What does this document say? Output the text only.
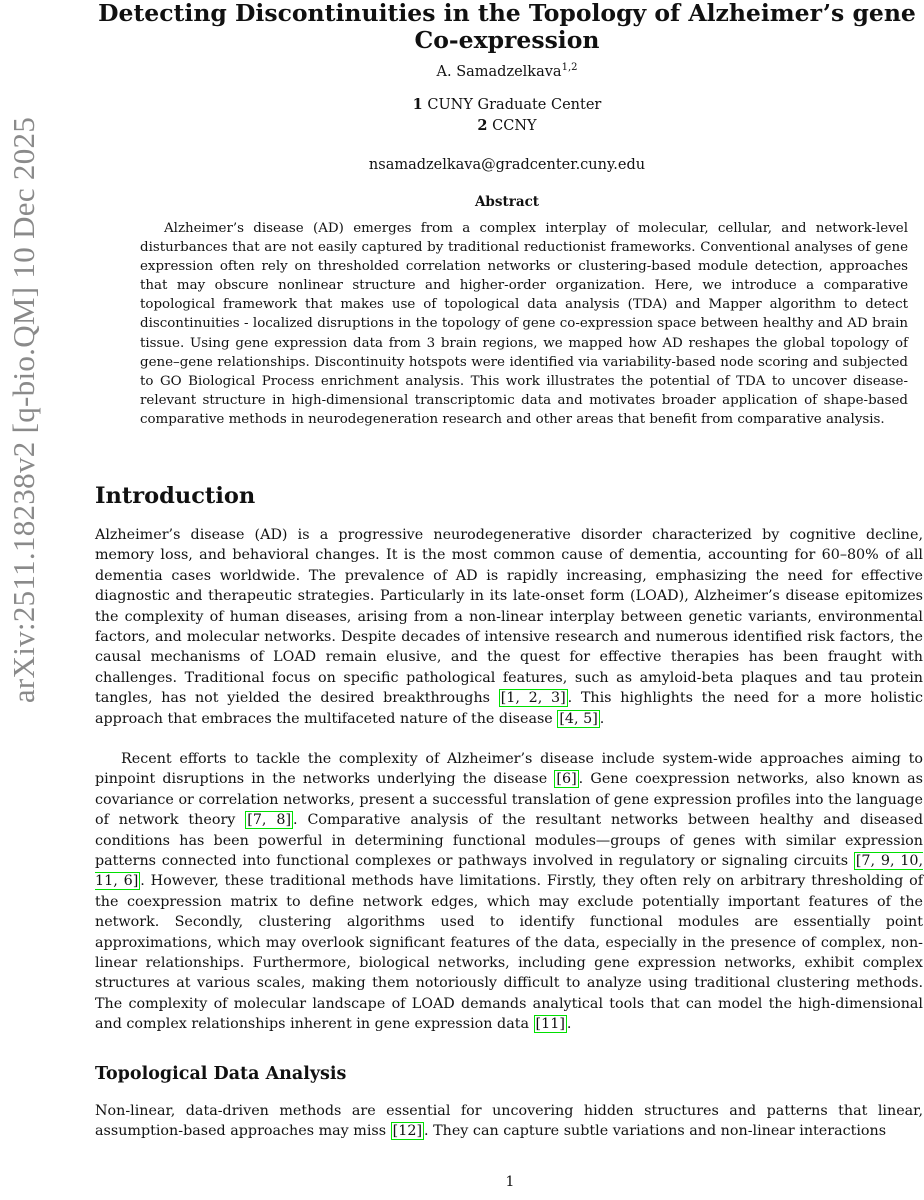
arXiv:2511.18238v2 [q-bio.QM] 10 Dec 2025
Detecting Discontinuities in the Topology of Alzheimer’s gene
Co-expression
A. Samadzelkava$^{1,2}$
1 CUNY Graduate Center
2 CCNY
nsamadzelkava@gradcenter.cuny.edu
Abstract

Alzheimer’s disease (AD) emerges from a complex interplay of molecular, cellular, and network-level disturbances that are not easily captured by traditional reductionist frameworks. Conventional analyses of gene expression often rely on thresholded correlation networks or clustering-based module detection, approaches that may obscure nonlinear structure and higher-order organization. Here, we introduce a comparative topological framework that makes use of topological data analysis (TDA) and Mapper algorithm to detect discontinuities - localized disruptions in the topology of gene co-expression space between healthy and AD brain tissue. Using gene expression data from 3 brain regions, we mapped how AD reshapes the global topology of gene–gene relationships. Discontinuity hotspots were identified via variability-based node scoring and subjected to GO Biological Process enrichment analysis. This work illustrates the potential of TDA to uncover disease-relevant structure in high-dimensional transcriptomic data and motivates broader application of shape-based comparative methods in neurodegeneration research and other areas that benefit from comparative analysis.

Introduction

Alzheimer’s disease (AD) is a progressive neurodegenerative disorder characterized by cognitive decline, memory loss, and behavioral changes. It is the most common cause of dementia, accounting for 60–80% of all dementia cases worldwide. The prevalence of AD is rapidly increasing, emphasizing the need for effective diagnostic and therapeutic strategies. Particularly in its late-onset form (LOAD), Alzheimer’s disease epitomizes the complexity of human diseases, arising from a non-linear interplay between genetic variants, environmental factors, and molecular networks. Despite decades of intensive research and numerous identified risk factors, the causal mechanisms of LOAD remain elusive, and the quest for effective therapies has been fraught with challenges. Traditional focus on specific pathological features, such as amyloid-beta plaques and tau protein tangles, has not yielded the desired breakthroughs [1, 2, 3] . This highlights the need for a more holistic approach that embraces the multifaceted nature of the disease [4, 5] .

Recent efforts to tackle the complexity of Alzheimer’s disease include system-wide approaches aiming to pinpoint disruptions in the networks underlying the disease [6] . Gene coexpression networks, also known as covariance or correlation networks, present a successful translation of gene expression profiles into the language of network theory [7, 8] . Comparative analysis of the resultant networks between healthy and diseased conditions has been powerful in determining functional modules—groups of genes with similar expression patterns connected into functional complexes or pathways involved in regulatory or signaling circuits [7, 9, 10, 11, 6] . However, these traditional methods have limitations. Firstly, they often rely on arbitrary thresholding of the coexpression matrix to define network edges, which may exclude potentially important features of the network. Secondly, clustering algorithms used to identify functional modules are essentially point approximations, which may overlook significant features of the data, especially in the presence of complex, non-linear relationships. Furthermore, biological networks, including gene expression networks, exhibit complex structures at various scales, making them notoriously difficult to analyze using traditional clustering methods. The complexity of molecular landscape of LOAD demands analytical tools that can model the high-dimensional and complex relationships inherent in gene expression data [11] .

Topological Data Analysis

Non-linear, data-driven methods are essential for uncovering hidden structures and patterns that linear, assumption-based approaches may miss [12] . They can capture subtle variations and non-linear interactions

1
